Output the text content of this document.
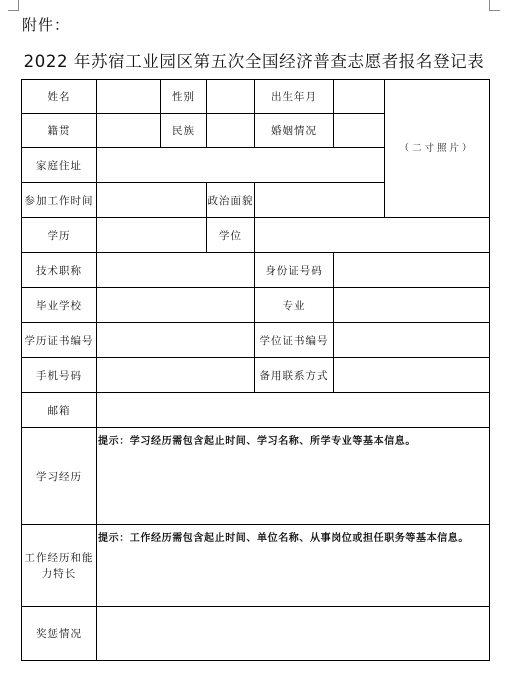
附件：
2022 年苏宿工业园区第五次全国经济普查志愿者报名登记表
姓名		性别		出生年月		（二寸照片）

籍贯		民族		婚姻情况		
家庭住址						
参加工作时间			政治面貌			
学历			学位			
技术职称				身份证号码		
毕业学校				专业		
学历证书编号				学位证书编号		
手机号码				备用联系方式		
邮箱						
学习经历	提示：学习经历需包含起止时间、学习名称、所学专业等基本信息。					
工作经历和能力特长	提示：工作经历需包含起止时间、单位名称、从事岗位或担任职务等基本信息。					
奖惩情况						
